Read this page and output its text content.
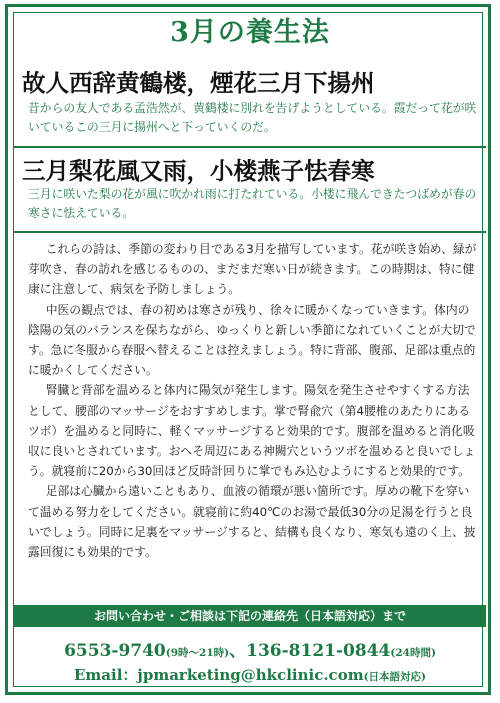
3月の養生法
故人西辞黄鶴楼，煙花三月下揚州
昔からの友人である孟浩然が、黄鶴楼に別れを告げようとしている。霞だって花が咲いているこの三月に揚州へと下っていくのだ。
三月梨花風又雨，小楼燕子怯春寒
三月に咲いた梨の花が風に吹かれ雨に打たれている。小楼に飛んできたつばめが春の寒さに怯えている。

これらの詩は、季節の変わり目である3月を描写しています。花が咲き始め、緑が芽吹き、春の訪れを感じるものの、まだまだ寒い日が続きます。この時期は、特に健康に注意して、病気を予防しましょう。

中医の観点では、春の初めは寒さが残り、徐々に暖かくなっていきます。体内の陰陽の気のバランスを保ちながら、ゆっくりと新しい季節になれていくことが大切です。急に冬服から春服へ替えることは控えましょう。特に背部、腹部、足部は重点的に暖かくしてください。

腎臓と背部を温めると体内に陽気が発生します。陽気を発生させやすくする方法として、腰部のマッサージをおすすめします。掌で腎兪穴（第4腰椎のあたりにあるツボ）を温めると同時に、軽くマッサージすると効果的です。腹部を温めると消化吸収に良いとされています。おへそ周辺にある神闕穴というツボを温めると良いでしょう。就寝前に20から30回ほど反時計回りに掌でもみ込むようにすると効果的です。

足部は心臓から遠いこともあり、血液の循環が悪い箇所です。厚めの靴下を穿いて温める努力をしてください。就寝前に約40℃のお湯で最低30分の足湯を行うと良いでしょう。同時に足裏をマッサージすると、結構も良くなり、寒気も遠のく上、披露回復にも効果的です。

お問い合わせ・ご相談は下記の連絡先（日本語対応）まで
6553-9740(9時～21時)、136-8121-0844(24時間)
Email：jpmarketing@hkclinic.com(日本語対応)
